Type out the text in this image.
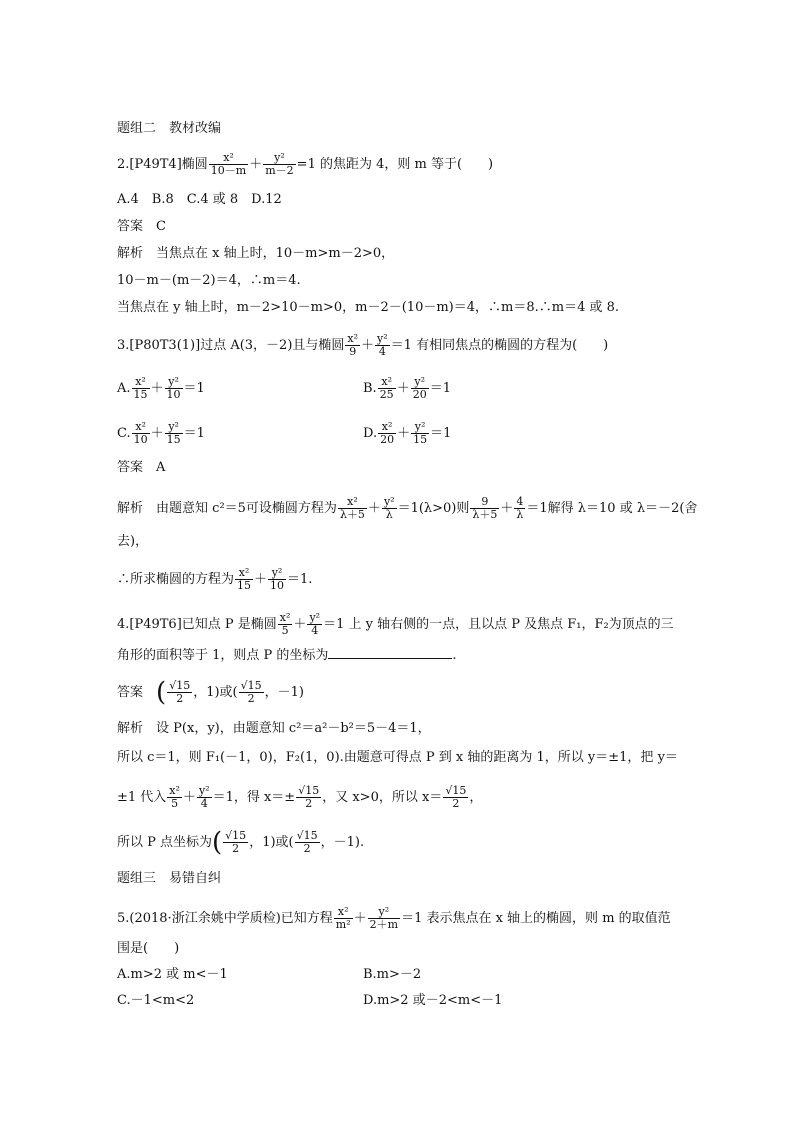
题组二　教材改编
2.[P49T4]椭圆 $\frac{\text{x²}}{10-m} + \frac{\text{y²}}{m-2} =1$ 的焦距为 4，则 m 等于(　　)
A.4　B.8　C.4 或 8　D.12
答案　 C
解析　 当焦点在 x 轴上时，10－m>m－2>0，
10－m－(m－2)＝4，∴m＝4.
当焦点在 y 轴上时，m－2>10－m>0，m－2－(10－m)＝4，∴m＝8.∴m＝4 或 8.
3.[P80T3(1)]过点 A(3，－2)且与椭圆 $\frac{\text{x²}}{9} + \frac{\text{y²}}{4} =1$ 有相同焦点的椭圆的方程为(　　)
A. $\frac{\text{x²}}{15} + \frac{\text{y²}}{10} =1$	B. $\frac{\text{x²}}{25} + \frac{\text{y²}}{20} =1$
C. $\frac{\text{x²}}{10} + \frac{\text{y²}}{15} =1$	D. $\frac{\text{x²}}{20} + \frac{\text{y²}}{15} =1$
答案　 A
解析　 由题意知 c²＝5可设椭圆方程为 $\frac{\text{x²}}{\lambda+5} + \frac{\text{y²}}{\lambda} =1(\lambda>0)$则 $\frac{9}{\lambda+5} + \frac{4}{\lambda} =1$解得 λ＝10 或 λ＝－2(舍
去)，
∴所求椭圆的方程为 $\frac{\text{x²}}{15} + \frac{\text{y²}}{10} =1$.
4.[P49T6]已知点 P 是椭圆 $\frac{\text{x²}}{5} + \frac{\text{y²}}{4} =1$ 上 y 轴右侧的一点，且以点 P 及焦点 F₁，F₂为顶点的三
角形的面积等于 1，则点 P 的坐标为	.
答案　 ( $\frac{√15}{2}$ ，1)或( $\frac{√15}{2}$ ，－1)
解析　 设 P(x，y)，由题意知 c²＝a²－b²＝5－4＝1，
所以 c＝1，则 F₁(－1，0)，F₂(1，0).由题意可得点 P 到 x 轴的距离为 1，所以 y＝±1，把 y＝
±1 代入 $\frac{\text{x²}}{5} + \frac{\text{y²}}{4} =1$，得 $x=\pm \frac{√15}{2}$ ，又 x>0，所以 $x= \frac{√15}{2}$ ，
所以 P 点坐标为( $\frac{√15}{2}$ ，1)或( $\frac{√15}{2}$ ，－1).
题组三　易错自纠
5.(2018·浙江余姚中学质检)已知方程 $\frac{\text{x²}}{\text{m²}} + \frac{\text{y²}}{2+m} =1$ 表示焦点在 x 轴上的椭圆，则 m 的取值范
围是(　　)
A.m>2 或 m<－1	B.m>－2
C.－1<m<2	D.m>2 或－2<m<－1
